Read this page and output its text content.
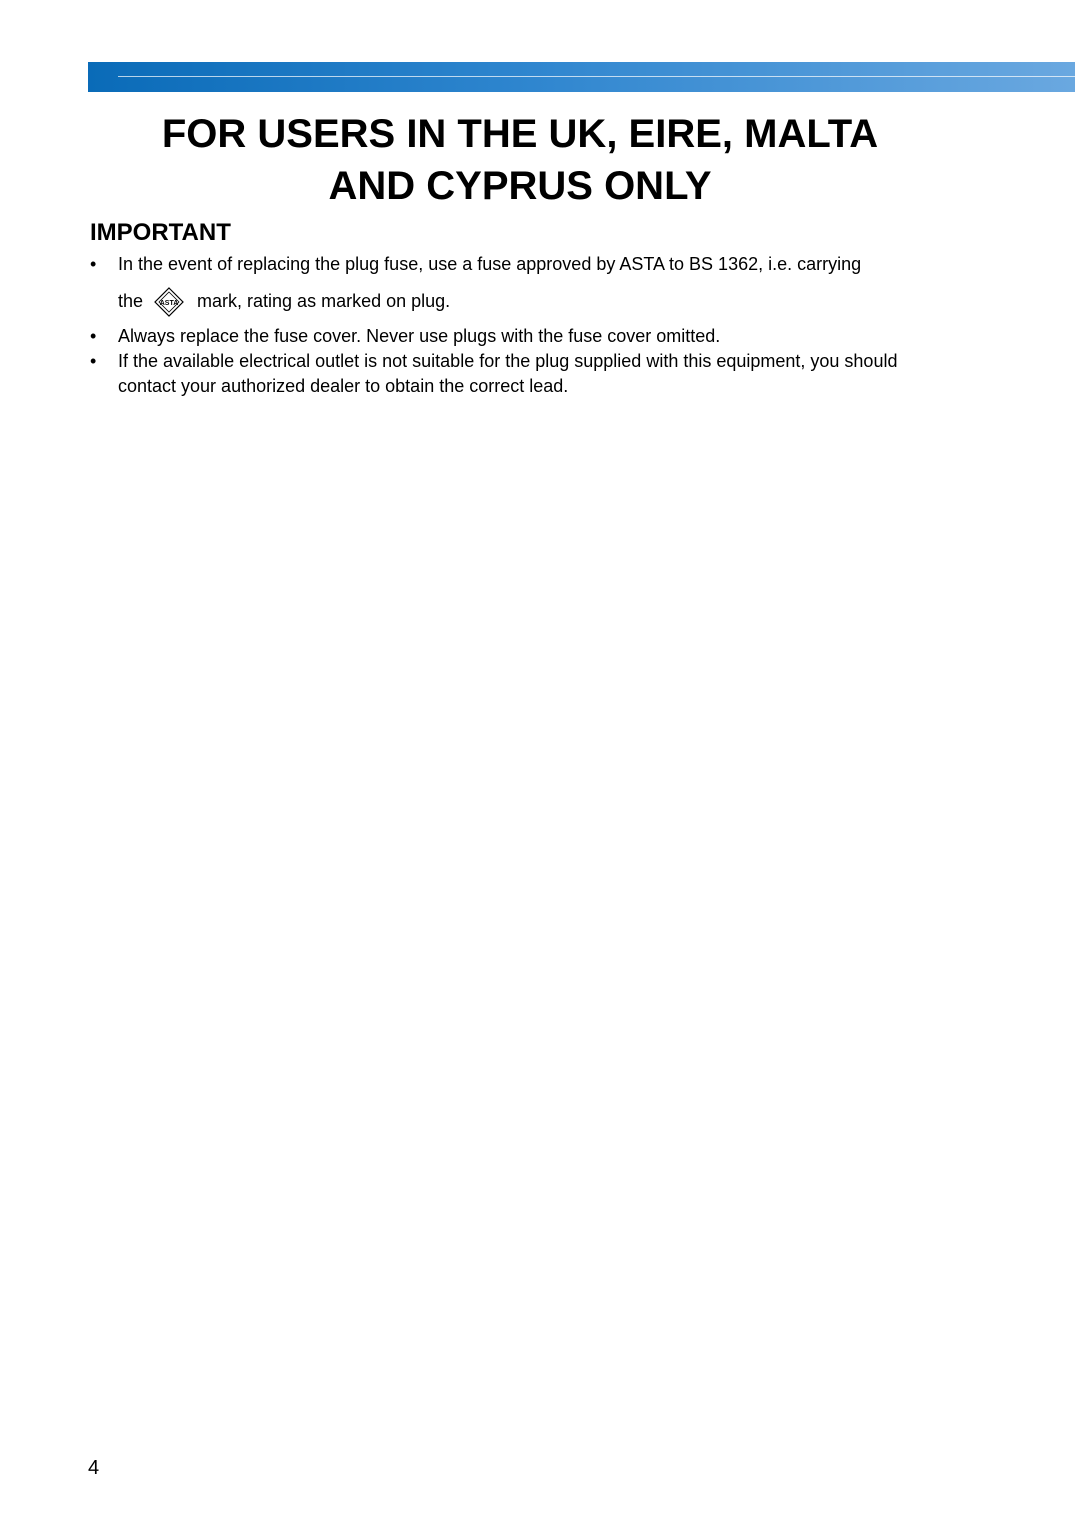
FOR USERS IN THE UK, EIRE, MALTA
AND CYPRUS ONLY
IMPORTANT
• In the event of replacing the plug fuse, use a fuse approved by ASTA to BS 1362, i.e. carrying
the ASTA mark, rating as marked on plug.
• Always replace the fuse cover. Never use plugs with the fuse cover omitted.
• If the available electrical outlet is not suitable for the plug supplied with this equipment, you should contact your authorized dealer to obtain the correct lead.
4
